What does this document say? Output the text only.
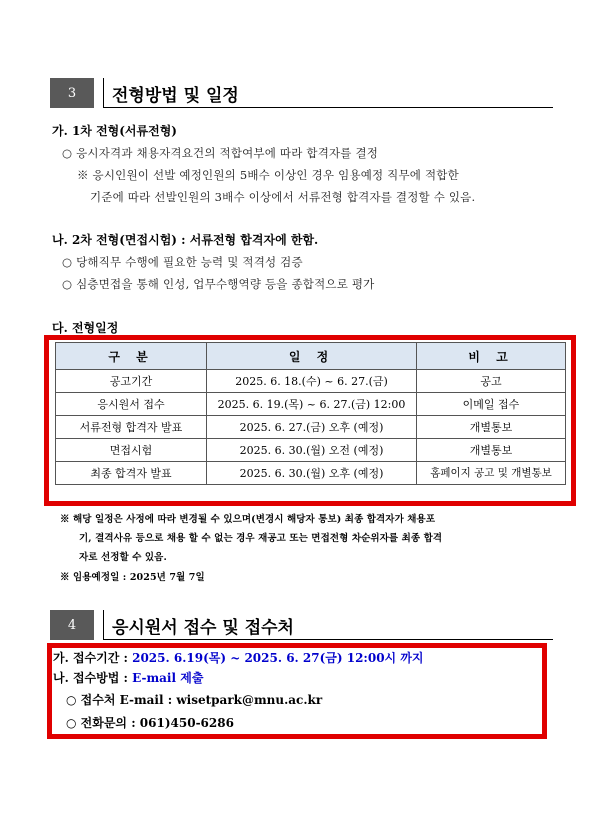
3	전형방법 및 일정
가. 1차 전형(서류전형)
○ 응시자격과 채용자격요건의 적합여부에 따라 합격자를 결정
※ 응시인원이 선발 예정인원의 5배수 이상인 경우 임용예정 직무에 적합한
기준에 따라 선발인원의 3배수 이상에서 서류전형 합격자를 결정할 수 있음.
나. 2차 전형(면접시험) : 서류전형 합격자에 한함.
○ 당해직무 수행에 필요한 능력 및 적격성 검증
○ 심층면접을 통해 인성, 업무수행역량 등을 종합적으로 평가
다. 전형일정
구 분	일 정	비 고
공고기간	2025. 6. 18.(수) ~ 6. 27.(금)	공고
응시원서 접수	2025. 6. 19.(목) ~ 6. 27.(금) 12:00	이메일 접수
서류전형 합격자 발표	2025. 6. 27.(금) 오후 (예정)	개별통보
면접시험	2025. 6. 30.(월) 오전 (예정)	개별통보
최종 합격자 발표	2025. 6. 30.(월) 오후 (예정)	홈페이지 공고 및 개별통보
※ 해당 일정은 사정에 따라 변경될 수 있으며(변경시 해당자 통보) 최종 합격자가 채용포
기, 결격사유 등으로 채용 할 수 없는 경우 재공고 또는 면접전형 차순위자를 최종 합격
자로 선정할 수 있음.
※ 임용예정일 : 2025년 7월 7일
4	응시원서 접수 및 접수처
가. 접수기간 : 2025. 6.19(목) ~ 2025. 6. 27(금) 12:00시 까지
나. 접수방법 : E-mail 제출
○ 접수처 E-mail : wisetpark@mnu.ac.kr
○ 전화문의 : 061)450-6286
